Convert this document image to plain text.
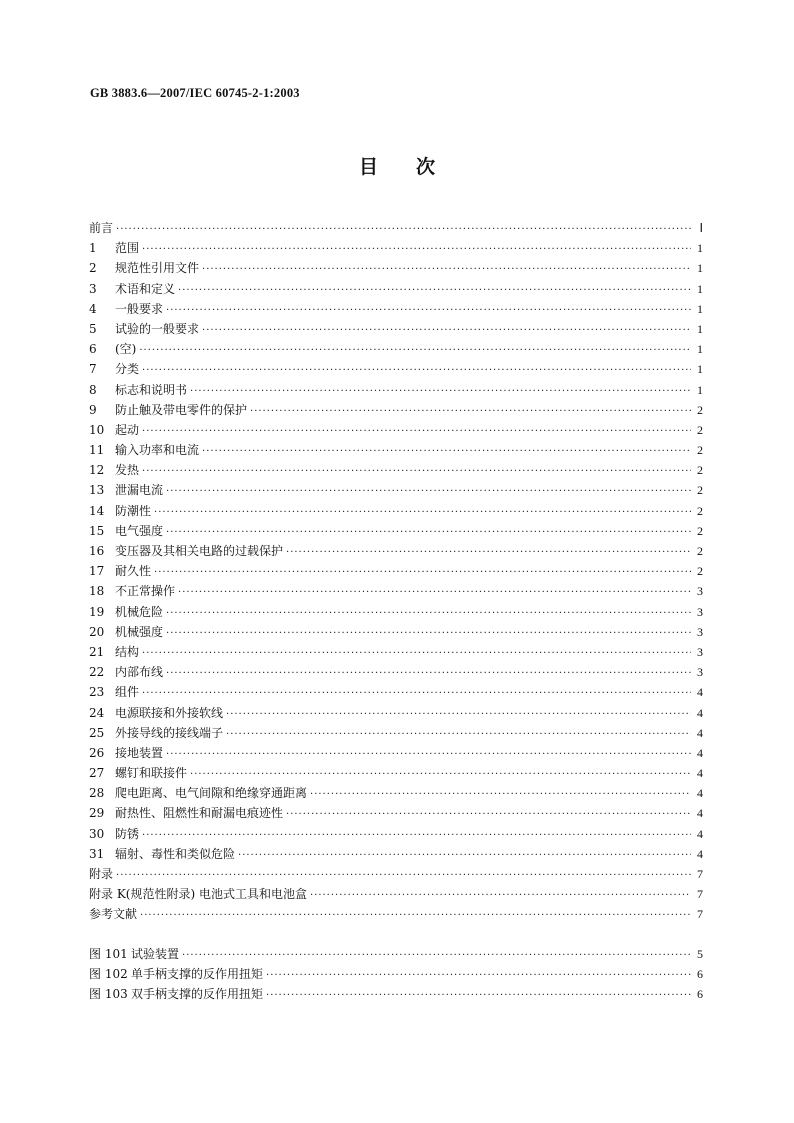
GB 3883.6—2007/IEC 60745-2-1:2003
目 次
前言 ·····	Ⅰ
1	范围 ·····	1
2	规范性引用文件 ·····	1
3	术语和定义 ·····	1
4	一般要求 ·····	1
5	试验的一般要求 ·····	1
6	(空) ·····	1
7	分类 ·····	1
8	标志和说明书 ·····	1
9	防止触及带电零件的保护 ·····	2
10 起动 ·····	2
11 输入功率和电流 ·····	2
12 发热 ·····	2
13 泄漏电流 ·····	2
14 防潮性 ·····	2
15 电气强度 ·····	2
16 变压器及其相关电路的过载保护 ·····	2
17 耐久性 ·····	2
18 不正常操作 ·····	3
19 机械危险 ·····	3
20 机械强度 ·····	3
21 结构 ·····	3
22 内部布线 ·····	3
23 组件 ·····	4
24 电源联接和外接软线 ·····	4
25 外接导线的接线端子 ·····	4
26 接地装置 ·····	4
27 螺钉和联接件 ·····	4
28 爬电距离、电气间隙和绝缘穿通距离 ·····	4
29 耐热性、阻燃性和耐漏电痕迹性 ·····	4
30 防锈 ·····	4
31 辐射、毒性和类似危险 ·····	4
附录 ·····	7
附录 K(规范性附录) 电池式工具和电池盒 ·····	7
参考文献 ·····	7
图 101 试验装置 ·····	5
图 102 单手柄支撑的反作用扭矩 ·····	6
图 103 双手柄支撑的反作用扭矩 ·····	6
